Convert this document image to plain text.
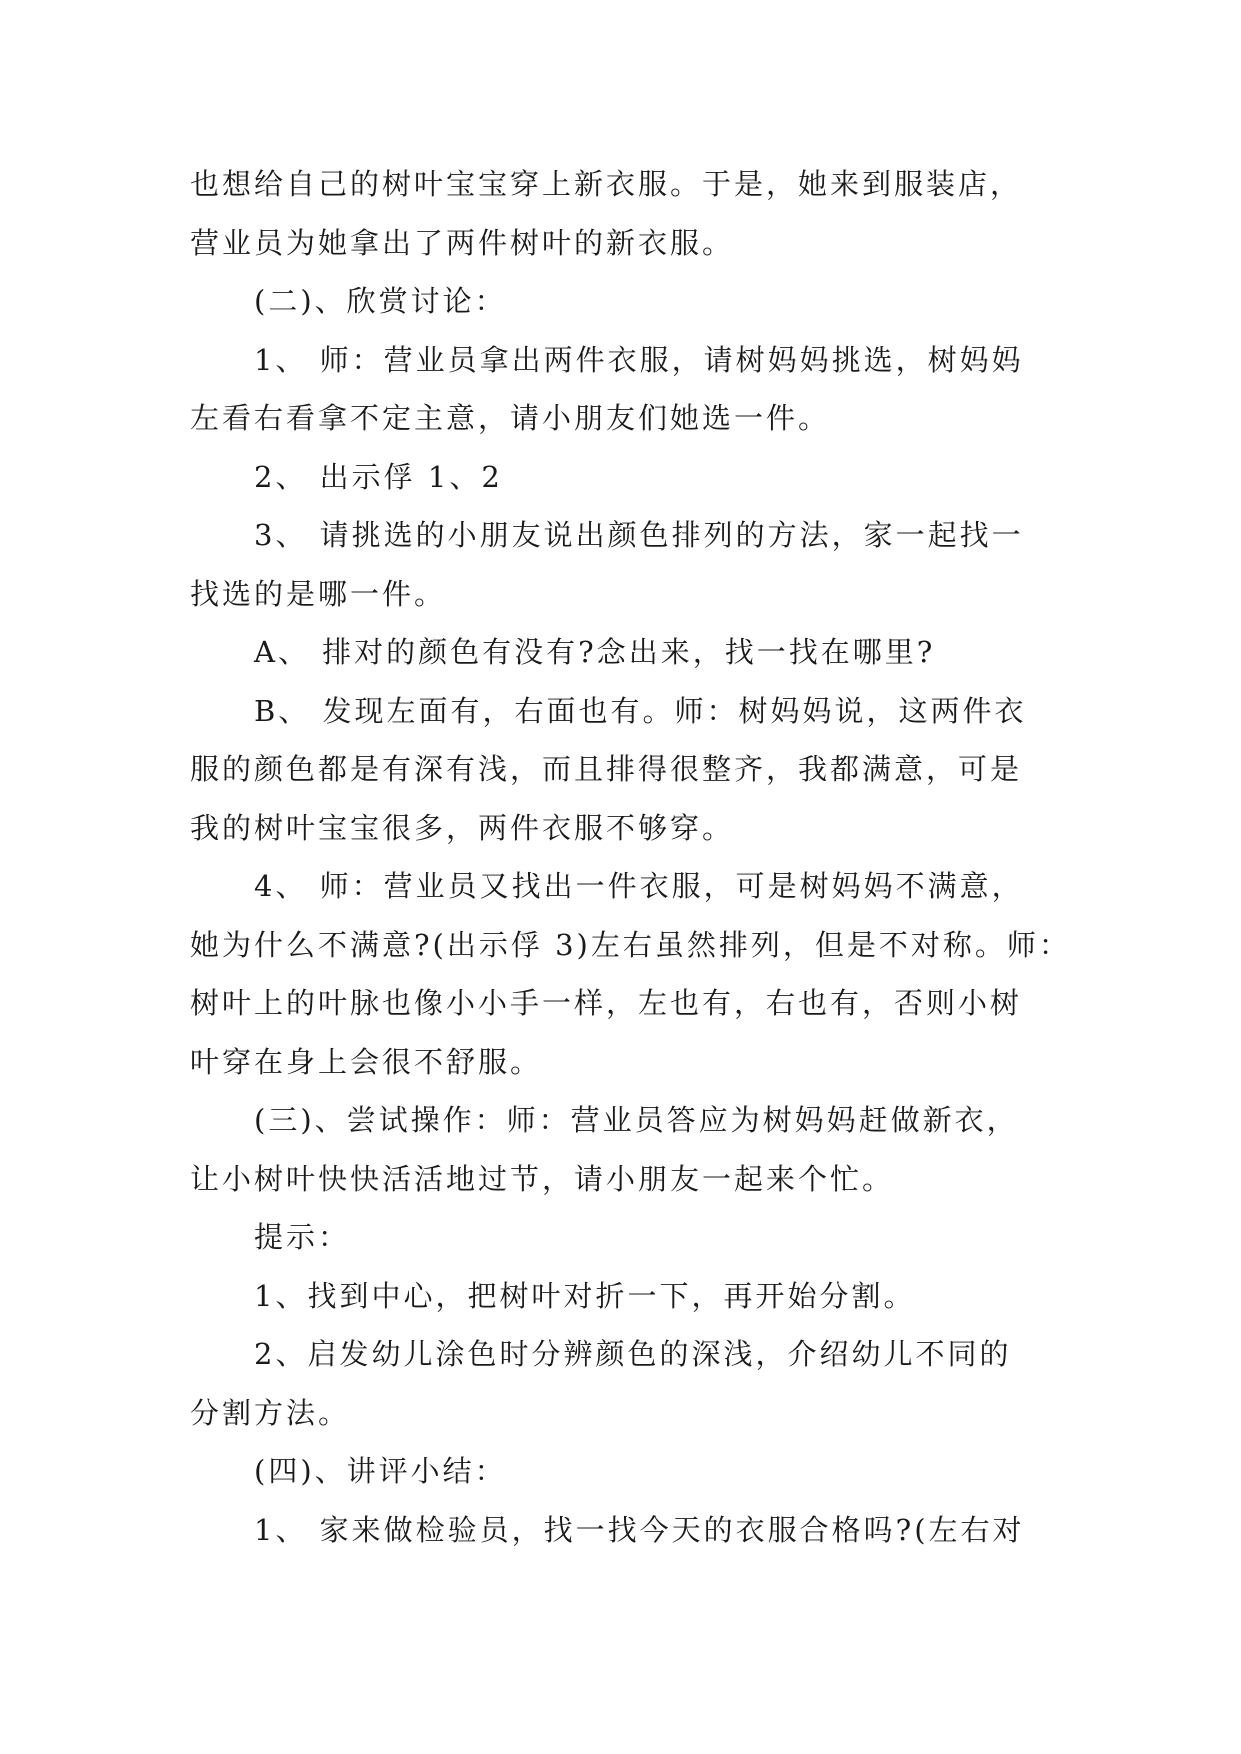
也想给自己的树叶宝宝穿上新衣服。于是，她来到服装店，
营业员为她拿出了两件树叶的新衣服。
(二)、欣赏讨论：
1、 师：营业员拿出两件衣服，请树妈妈挑选，树妈妈
左看右看拿不定主意，请小朋友们她选一件。
2、 出示俘 1、2
3、 请挑选的小朋友说出颜色排列的方法，家一起找一
找选的是哪一件。
A、 排对的颜色有没有?念出来，找一找在哪里?
B、 发现左面有，右面也有。师：树妈妈说，这两件衣
服的颜色都是有深有浅，而且排得很整齐，我都满意，可是
我的树叶宝宝很多，两件衣服不够穿。
4、 师：营业员又找出一件衣服，可是树妈妈不满意，
她为什么不满意?(出示俘 3)左右虽然排列，但是不对称。师：
树叶上的叶脉也像小小手一样，左也有，右也有，否则小树
叶穿在身上会很不舒服。
(三)、尝试操作：师：营业员答应为树妈妈赶做新衣，
让小树叶快快活活地过节，请小朋友一起来个忙。
提示：
1、找到中心，把树叶对折一下，再开始分割。
2、启发幼儿涂色时分辨颜色的深浅，介绍幼儿不同的
分割方法。
(四)、讲评小结：
1、 家来做检验员，找一找今天的衣服合格吗?(左右对
